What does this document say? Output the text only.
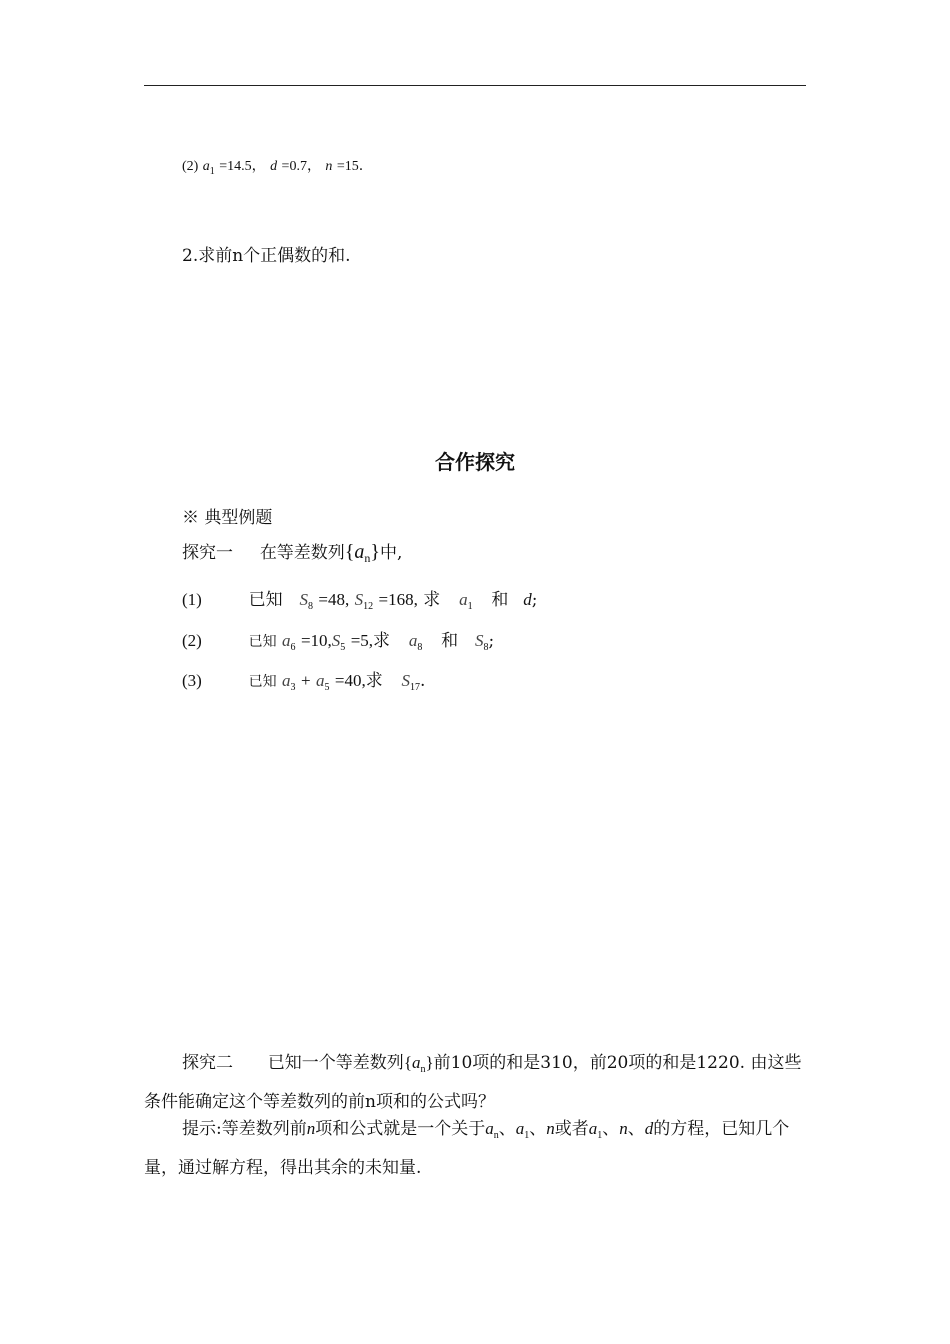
(2) $a_1 =14.5$， d =0.7， n =15.
2.求前n个正偶数的和.
合作探究
※ 典型例题
探究一 在等差数列$\{a_n\}$中,
(1)	已知 $S_8 =48$, $S_{12} =168$, 求 $a_1$ 和 d;
(2)	已知 $a_6 =10,S_5 =5$,求 $a_8$ 和 $S_8$;
(3)	已知 $a_3 + a_5 =40$,求 $S_{17}$.
探究二 已知一个等差数列$\{a_n\}$前10项的和是310，前20项的和是1220. 由这些条件能确定这个等差数列的前n项和的公式吗？
提示:等差数列前n项和公式就是一个关于$a_n$、$a_1$、n或者$a_1$、n、d的方程，已知几个量，通过解方程，得出其余的未知量.
